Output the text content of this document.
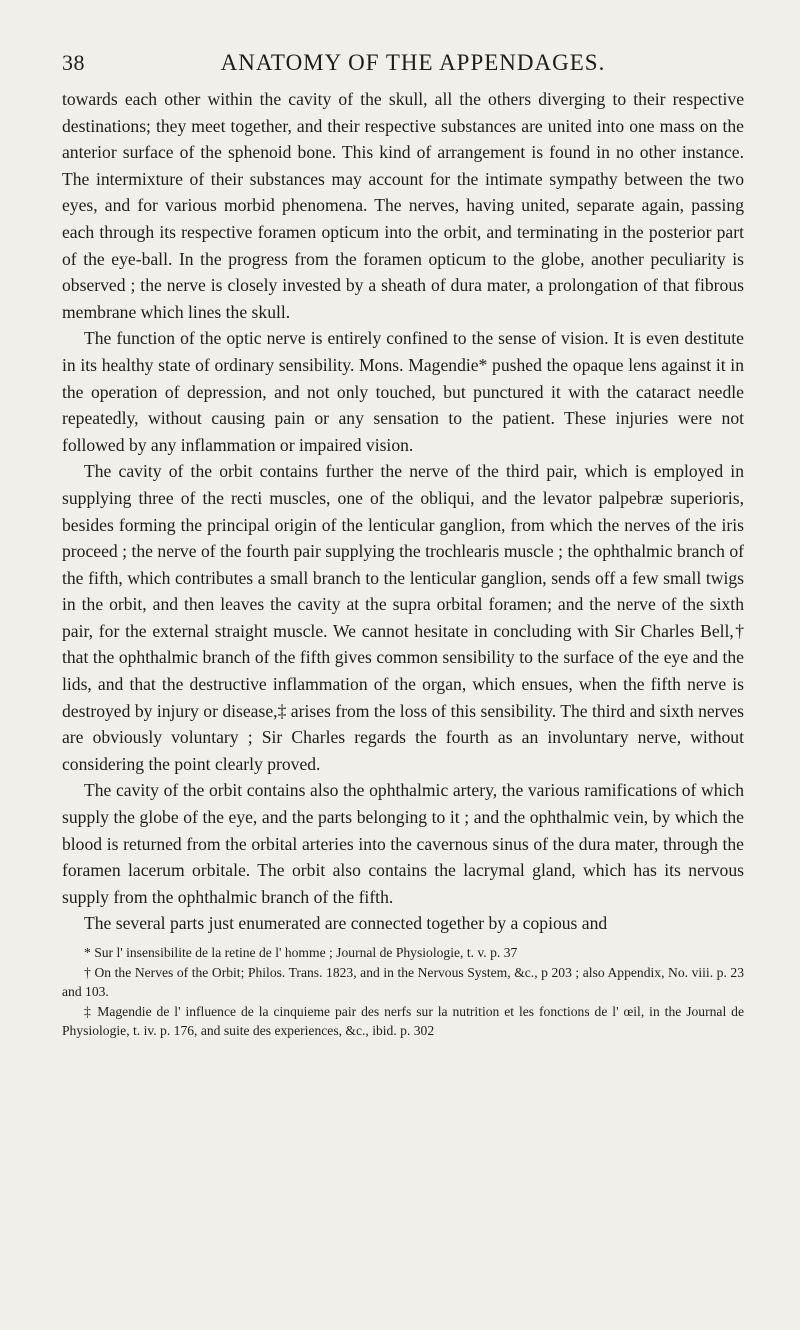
38	ANATOMY OF THE APPENDAGES.

towards each other within the cavity of the skull, all the others diverging to their respective destinations; they meet together, and their respective substances are united into one mass on the anterior surface of the sphenoid bone. This kind of arrangement is found in no other instance. The intermixture of their substances may account for the intimate sympathy between the two eyes, and for various morbid phenomena. The nerves, having united, separate again, passing each through its respective foramen opticum into the orbit, and terminating in the posterior part of the eye-ball. In the progress from the foramen opticum to the globe, another peculiarity is observed ; the nerve is closely invested by a sheath of dura mater, a prolongation of that fibrous membrane which lines the skull.

The function of the optic nerve is entirely confined to the sense of vision. It is even destitute in its healthy state of ordinary sensibility. Mons. Magendie* pushed the opaque lens against it in the operation of depression, and not only touched, but punctured it with the cataract needle repeatedly, without causing pain or any sensation to the patient. These injuries were not followed by any inflammation or impaired vision.

The cavity of the orbit contains further the nerve of the third pair, which is employed in supplying three of the recti muscles, one of the obliqui, and the levator palpebræ superioris, besides forming the principal origin of the lenticular ganglion, from which the nerves of the iris proceed ; the nerve of the fourth pair supplying the trochlearis muscle ; the ophthalmic branch of the fifth, which contributes a small branch to the lenticular ganglion, sends off a few small twigs in the orbit, and then leaves the cavity at the supra orbital foramen; and the nerve of the sixth pair, for the external straight muscle. We cannot hesitate in concluding with Sir Charles Bell,† that the ophthalmic branch of the fifth gives common sensibility to the surface of the eye and the lids, and that the destructive inflammation of the organ, which ensues, when the fifth nerve is destroyed by injury or disease,‡ arises from the loss of this sensibility. The third and sixth nerves are obviously voluntary ; Sir Charles regards the fourth as an involuntary nerve, without considering the point clearly proved.

The cavity of the orbit contains also the ophthalmic artery, the various ramifications of which supply the globe of the eye, and the parts belonging to it ; and the ophthalmic vein, by which the blood is returned from the orbital arteries into the cavernous sinus of the dura mater, through the foramen lacerum orbitale. The orbit also contains the lacrymal gland, which has its nervous supply from the ophthalmic branch of the fifth.

The several parts just enumerated are connected together by a copious and

* Sur l' insensibilite de la retine de l' homme ; Journal de Physiologie, t. v. p. 37

† On the Nerves of the Orbit; Philos. Trans. 1823, and in the Nervous System, &c., p 203 ; also Appendix, No. viii. p. 23 and 103.

‡ Magendie de l' influence de la cinquieme pair des nerfs sur la nutrition et les fonctions de l' œil, in the Journal de Physiologie, t. iv. p. 176, and suite des experiences, &c., ibid. p. 302
